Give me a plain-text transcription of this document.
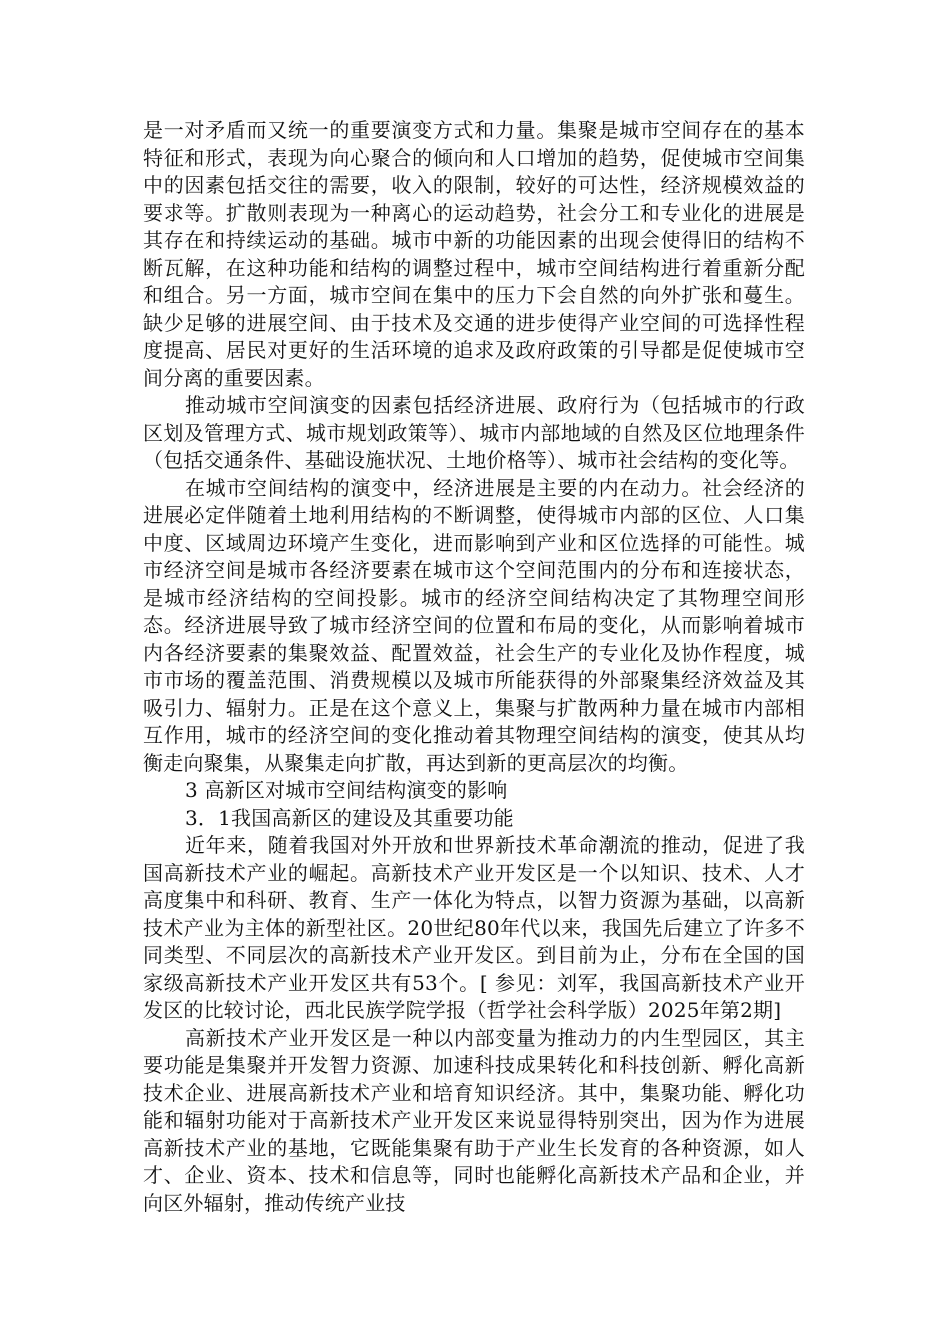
是一对矛盾而又统一的重要演变方式和力量。集聚是城市空间存在的基本特征和形式，表现为向心聚合的倾向和人口增加的趋势，促使城市空间集中的因素包括交往的需要，收入的限制，较好的可达性，经济规模效益的要求等。扩散则表现为一种离心的运动趋势，社会分工和专业化的进展是其存在和持续运动的基础。城市中新的功能因素的出现会使得旧的结构不断瓦解，在这种功能和结构的调整过程中，城市空间结构进行着重新分配和组合。另一方面，城市空间在集中的压力下会自然的向外扩张和蔓生。缺少足够的进展空间、由于技术及交通的进步使得产业空间的可选择性程度提高、居民对更好的生活环境的追求及政府政策的引导都是促使城市空间分离的重要因素。

推动城市空间演变的因素包括经济进展、政府行为（包括城市的行政区划及管理方式、城市规划政策等）、城市内部地域的自然及区位地理条件（包括交通条件、基础设施状况、土地价格等）、城市社会结构的变化等。

在城市空间结构的演变中，经济进展是主要的内在动力。社会经济的进展必定伴随着土地利用结构的不断调整，使得城市内部的区位、人口集中度、区域周边环境产生变化，进而影响到产业和区位选择的可能性。城市经济空间是城市各经济要素在城市这个空间范围内的分布和连接状态，是城市经济结构的空间投影。城市的经济空间结构决定了其物理空间形态。经济进展导致了城市经济空间的位置和布局的变化，从而影响着城市内各经济要素的集聚效益、配置效益，社会生产的专业化及协作程度，城市市场的覆盖范围、消费规模以及城市所能获得的外部聚集经济效益及其吸引力、辐射力。正是在这个意义上，集聚与扩散两种力量在城市内部相互作用，城市的经济空间的变化推动着其物理空间结构的演变，使其从均衡走向聚集，从聚集走向扩散，再达到新的更高层次的均衡。

3 高新区对城市空间结构演变的影响

3．1我国高新区的建设及其重要功能

近年来，随着我国对外开放和世界新技术革命潮流的推动，促进了我国高新技术产业的崛起。高新技术产业开发区是一个以知识、技术、人才高度集中和科研、教育、生产一体化为特点，以智力资源为基础，以高新技术产业为主体的新型社区。20世纪80年代以来，我国先后建立了许多不同类型、不同层次的高新技术产业开发区。到目前为止，分布在全国的国家级高新技术产业开发区共有53个。[ 参见：刘军，我国高新技术产业开发区的比较讨论，西北民族学院学报（哲学社会科学版）2025年第2期]

高新技术产业开发区是一种以内部变量为推动力的内生型园区，其主要功能是集聚并开发智力资源、加速科技成果转化和科技创新、孵化高新技术企业、进展高新技术产业和培育知识经济。其中，集聚功能、孵化功能和辐射功能对于高新技术产业开发区来说显得特别突出，因为作为进展高新技术产业的基地，它既能集聚有助于产业生长发育的各种资源，如人才、企业、资本、技术和信息等，同时也能孵化高新技术产品和企业，并向区外辐射，推动传统产业技
